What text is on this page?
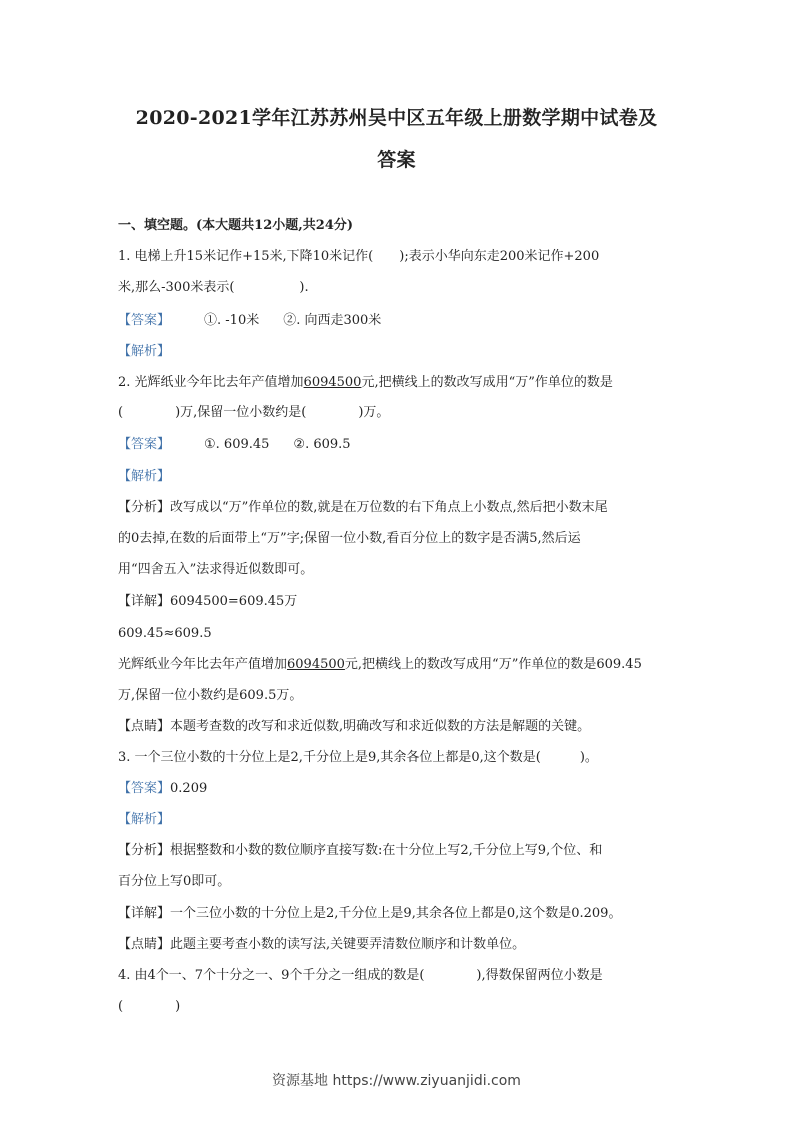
2020-2021学年江苏苏州吴中区五年级上册数学期中试卷及
答案
一、填空题。(本大题共12小题,共24分)
1. 电梯上升15米记作+15米,下降10米记作(　　);表示小华向东走200米记作+200
米,那么-300米表示(　　　　　).
【答案】	①. -10米 ②. 向西走300米
【解析】
2. 光辉纸业今年比去年产值增加6094500元,把横线上的数改写成用“万”作单位的数是
(　　　　)万,保留一位小数约是(　　　　)万。
【答案】	①. 609.45 ②. 609.5
【解析】
【分析】改写成以“万”作单位的数,就是在万位数的右下角点上小数点,然后把小数末尾
的0去掉,在数的后面带上“万”字;保留一位小数,看百分位上的数字是否满5,然后运
用“四舍五入”法求得近似数即可。
【详解】6094500=609.45万
609.45≈609.5
光辉纸业今年比去年产值增加6094500元,把横线上的数改写成用“万”作单位的数是609.45
万,保留一位小数约是609.5万。
【点睛】本题考查数的改写和求近似数,明确改写和求近似数的方法是解题的关键。
3. 一个三位小数的十分位上是2,千分位上是9,其余各位上都是0,这个数是(　　　)。
【答案】0.209
【解析】
【分析】根据整数和小数的数位顺序直接写数:在十分位上写2,千分位上写9,个位、和
百分位上写0即可。
【详解】一个三位小数的十分位上是2,千分位上是9,其余各位上都是0,这个数是0.209。
【点睛】此题主要考查小数的读写法,关键要弄清数位顺序和计数单位。
4. 由4个一、7个十分之一、9个千分之一组成的数是(　　　　),得数保留两位小数是
(　　　　)
资源基地 https://www.ziyuanjidi.com
